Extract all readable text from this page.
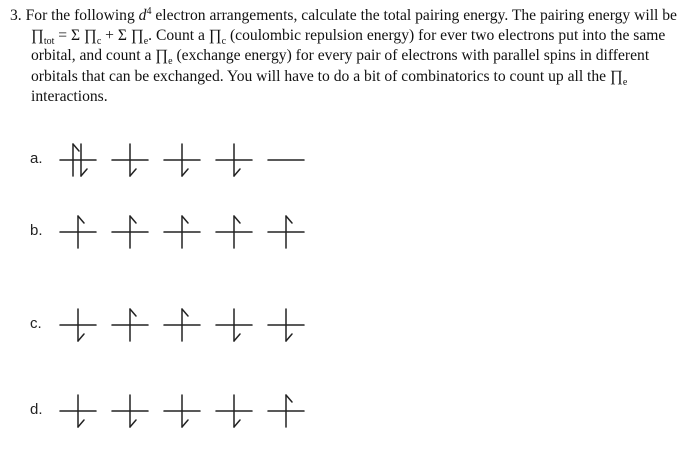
3. For the following $d^4$ electron arrangements, calculate the total pairing energy. The pairing energy will be $\prod_{tot} = \Sigma$ $\prod_c + \Sigma$ $\prod_e$. Count a $\prod_c$ (coulombic repulsion energy) for ever two electrons put into the same orbital, and count a $\prod_e$ (exchange energy) for every pair of electrons with parallel spins in different orbitals that can be exchanged. You will have to do a bit of combinatorics to count up all the $\prod_e$ interactions.

a.
b.
c.
d.
